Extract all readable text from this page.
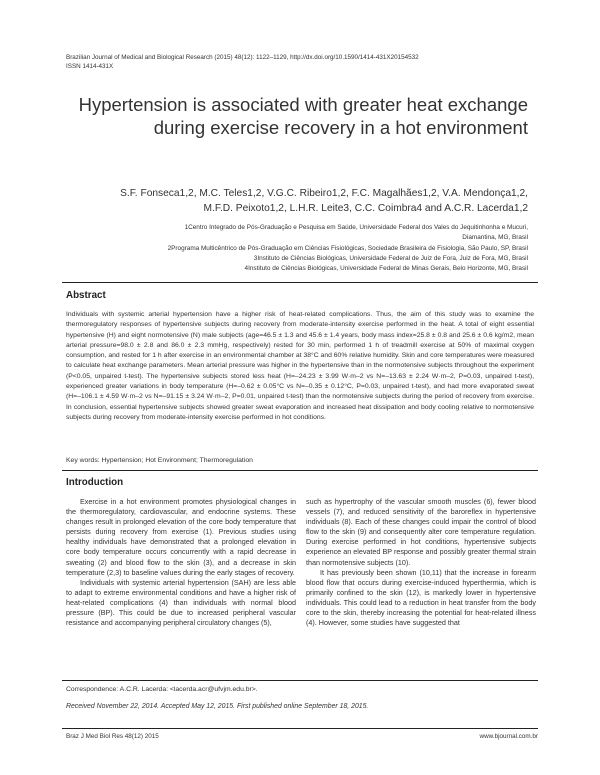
Brazilian Journal of Medical and Biological Research (2015) 48(12): 1122–1129, http://dx.doi.org/10.1590/1414-431X20154532
ISSN 1414-431X
Hypertension is associated with greater heat exchange during exercise recovery in a hot environment
S.F. Fonseca1,2, M.C. Teles1,2, V.G.C. Ribeiro1,2, F.C. Magalhães1,2, V.A. Mendonça1,2,
M.F.D. Peixoto1,2, L.H.R. Leite3, C.C. Coimbra4 and A.C.R. Lacerda1,2
1Centro Integrado de Pós-Graduação e Pesquisa em Saúde, Universidade Federal dos Vales do Jequitinhonha e Mucuri,
Diamantina, MG, Brasil
2Programa Multicêntrico de Pós-Graduação em Ciências Fisiológicas, Sociedade Brasileira de Fisiologia, São Paulo, SP, Brasil
3Instituto de Ciências Biológicas, Universidade Federal de Juiz de Fora, Juiz de Fora, MG, Brasil
4Instituto de Ciências Biológicas, Universidade Federal de Minas Gerais, Belo Horizonte, MG, Brasil
Abstract
Individuals with systemic arterial hypertension have a higher risk of heat-related complications. Thus, the aim of this study was to examine the thermoregulatory responses of hypertensive subjects during recovery from moderate-intensity exercise performed in the heat. A total of eight essential hypertensive (H) and eight normotensive (N) male subjects (age=46.5 ± 1.3 and 45.6 ± 1.4 years, body mass index=25.8 ± 0.8 and 25.6 ± 0.6 kg/m2, mean arterial pressure=98.0 ± 2.8 and 86.0 ± 2.3 mmHg, respectively) rested for 30 min, performed 1 h of treadmill exercise at 50% of maximal oxygen consumption, and rested for 1 h after exercise in an environmental chamber at 38°C and 60% relative humidity. Skin and core temperatures were measured to calculate heat exchange parameters. Mean arterial pressure was higher in the hypertensive than in the normotensive subjects throughout the experiment (P<0.05, unpaired t-test). The hypertensive subjects stored less heat (H=–24.23 ± 3.99 W·m–2 vs N=–13.63 ± 2.24 W·m–2, P=0.03, unpaired t-test), experienced greater variations in body temperature (H=–0.62 ± 0.05°C vs N=–0.35 ± 0.12°C, P=0.03, unpaired t-test), and had more evaporated sweat (H=–106.1 ± 4.59 W·m–2 vs N=–91.15 ± 3.24 W·m–2, P=0.01, unpaired t-test) than the normotensive subjects during the period of recovery from exercise. In conclusion, essential hypertensive subjects showed greater sweat evaporation and increased heat dissipation and body cooling relative to normotensive subjects during recovery from moderate-intensity exercise performed in hot conditions.
Key words: Hypertension; Hot Environment; Thermoregulation
Introduction

Exercise in a hot environment promotes physiological changes in the thermoregulatory, cardiovascular, and endocrine systems. These changes result in prolonged elevation of the core body temperature that persists during recovery from exercise (1). Previous studies using healthy individuals have demonstrated that a prolonged elevation in core body temperature occurs concurrently with a rapid decrease in sweating (2) and blood flow to the skin (3), and a decrease in skin temperature (2,3) to baseline values during the early stages of recovery.

Individuals with systemic arterial hypertension (SAH) are less able to adapt to extreme environmental conditions and have a higher risk of heat-related complications (4) than individuals with normal blood pressure (BP). This could be due to increased peripheral vascular resistance and accompanying peripheral circulatory changes (5),

such as hypertrophy of the vascular smooth muscles (6), fewer blood vessels (7), and reduced sensitivity of the baroreflex in hypertensive individuals (8). Each of these changes could impair the control of blood flow to the skin (9) and consequently alter core temperature regulation. During exercise performed in hot conditions, hypertensive subjects experience an elevated BP response and possibly greater thermal strain than normotensive subjects (10).

It has previously been shown (10,11) that the increase in forearm blood flow that occurs during exercise-induced hyperthermia, which is primarily confined to the skin (12), is markedly lower in hypertensive individuals. This could lead to a reduction in heat transfer from the body core to the skin, thereby increasing the potential for heat-related illness (4). However, some studies have suggested that

Correspondence: A.C.R. Lacerda: <lacerda.acr@ufvjm.edu.br>.
Received November 22, 2014. Accepted May 12, 2015. First published online September 18, 2015.
Braz J Med Biol Res 48(12) 2015	www.bjournal.com.br
